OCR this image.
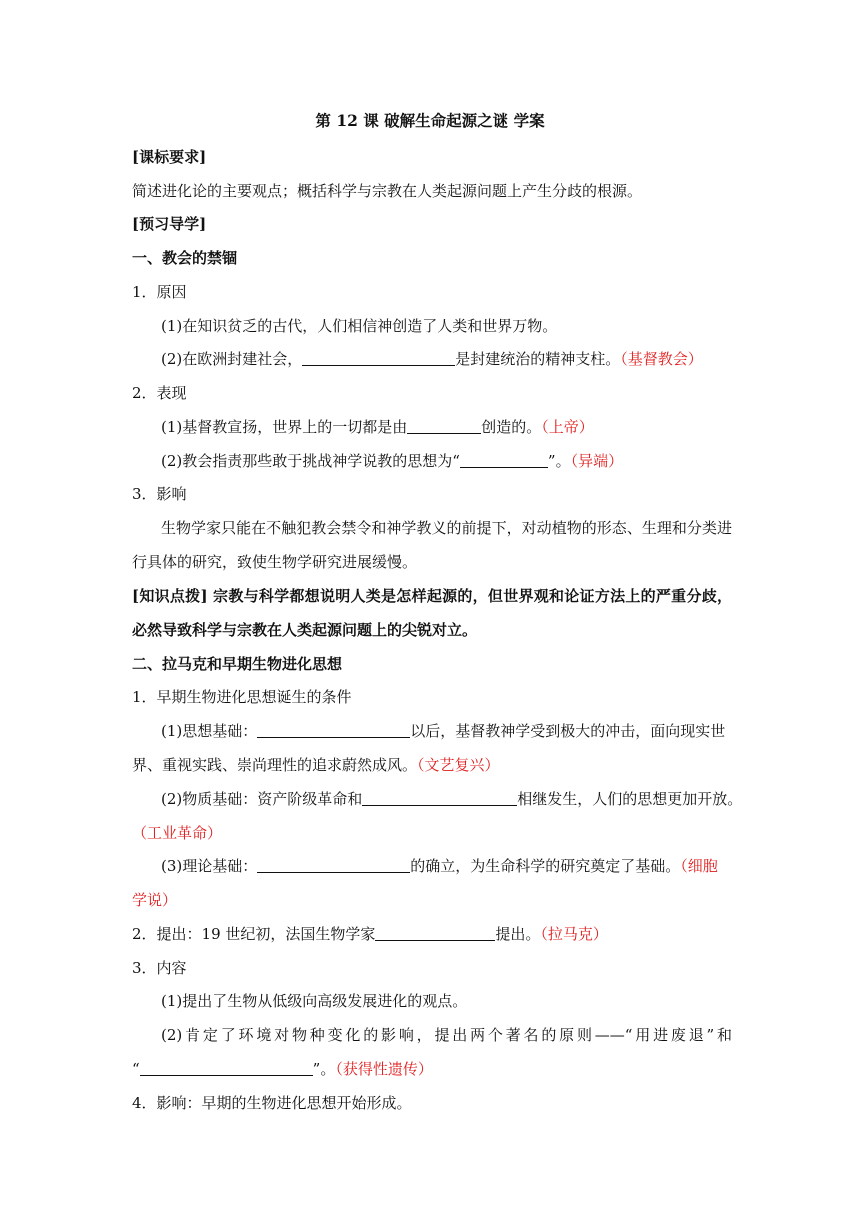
第 12 课 破解生命起源之谜 学案
[课标要求]
简述进化论的主要观点；概括科学与宗教在人类起源问题上产生分歧的根源。
[预习导学]
一、教会的禁锢
1．原因
(1)在知识贫乏的古代，人们相信神创造了人类和世界万物。
(2)在欧洲封建社会，	是封建统治的精神支柱。（基督教会）
2．表现
(1)基督教宣扬，世界上的一切都是由	创造的。（上帝）
(2)教会指责那些敢于挑战神学说教的思想为“	”。（异端）
3．影响
生物学家只能在不触犯教会禁令和神学教义的前提下，对动植物的形态、生理和分类进
行具体的研究，致使生物学研究进展缓慢。
[知识点拨] 宗教与科学都想说明人类是怎样起源的，但世界观和论证方法上的严重分歧，
必然导致科学与宗教在人类起源问题上的尖锐对立。
二、拉马克和早期生物进化思想
1．早期生物进化思想诞生的条件
(1)思想基础：	以后，基督教神学受到极大的冲击，面向现实世
界、重视实践、崇尚理性的追求蔚然成风。（文艺复兴）
(2)物质基础：资产阶级革命和	相继发生，人们的思想更加开放。
（工业革命）
(3)理论基础：	的确立，为生命科学的研究奠定了基础。（细胞
学说）
2．提出：19 世纪初，法国生物学家	提出。（拉马克）
3．内容
(1)提出了生物从低级向高级发展进化的观点。
(2)肯定了环境对物种变化的影响，提出两个著名的原则——“用进废退”和
“	”。（获得性遗传）
4．影响：早期的生物进化思想开始形成。
